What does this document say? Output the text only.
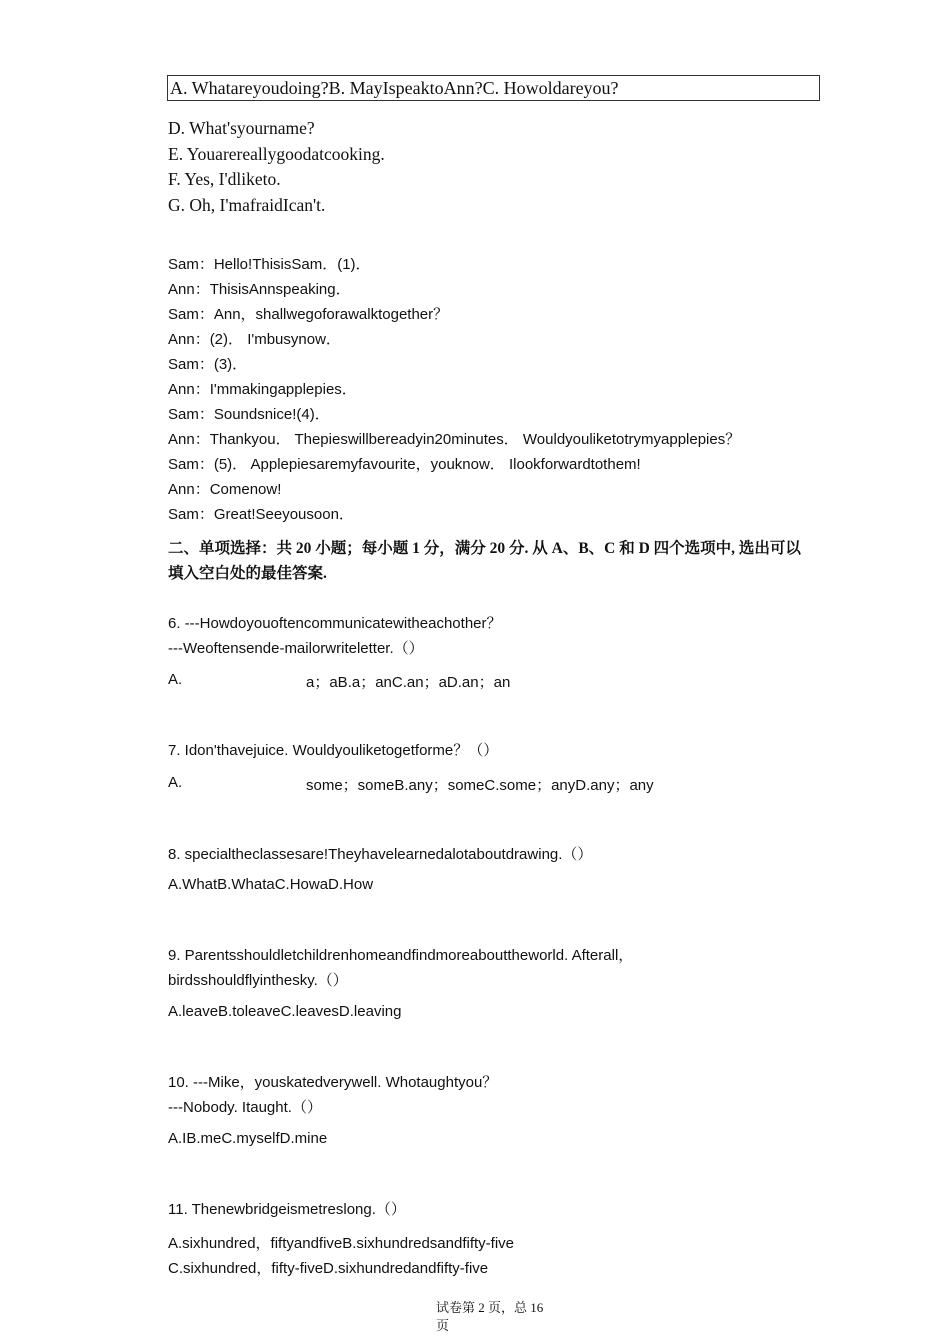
A. Whatareyoudoing?B. MayIspeaktoAnn?C. Howoldareyou?
D. What'syourname?
E. Youarereallygoodatcooking.
F. Yes, I'dliketo.
G. Oh, I'mafraidIcan't.
Sam：Hello!ThisisSam．(1)．
Ann：ThisisAnnspeaking．
Sam：Ann，shallwegoforawalktogether？
Ann：(2)． I'mbusynow．
Sam：(3)．
Ann：I'mmakingapplepies．
Sam：Soundsnice!(4)．
Ann：Thankyou． Thepieswillbereadyin20minutes． Wouldyouliketotrymyapplepies？
Sam：(5)． Applepiesaremyfavourite，youknow． Ilookforwardtothem!
Ann：Comenow!
Sam：Great!Seeyousoon．
二、单项选择：共 20 小题；每小题 1 分，满分 20 分. 从 A、B、C 和 D 四个选项中, 选出可以
填入空白处的最佳答案.
6. ---Howdoyouoftencommunicatewitheachother？
---Weoftensende-mailorwriteletter.（）
A.	a；aB.a；anC.an；aD.an；an
7. Idon'thavejuice. Wouldyouliketogetforme？（）
A.	some；someB.any；someC.some；anyD.any；any
8. specialtheclassesare!Theyhavelearnedalotaboutdrawing.（）
A.WhatB.WhataC.HowaD.How
9. Parentsshouldletchildrenhomeandfindmoreabouttheworld. Afterall，
birdsshouldflyinthesky.（）
A.leaveB.toleaveC.leavesD.leaving
10. ---Mike，youskatedverywell. Whotaughtyou？
---Nobody. Itaught.（）
A.IB.meC.myselfD.mine
11. Thenewbridgeismetreslong.（）
A.sixhundred，fiftyandfiveB.sixhundredsandfifty-five
C.sixhundred，fifty-fiveD.sixhundredandfifty-five
试卷第 2 页，总 16
页
